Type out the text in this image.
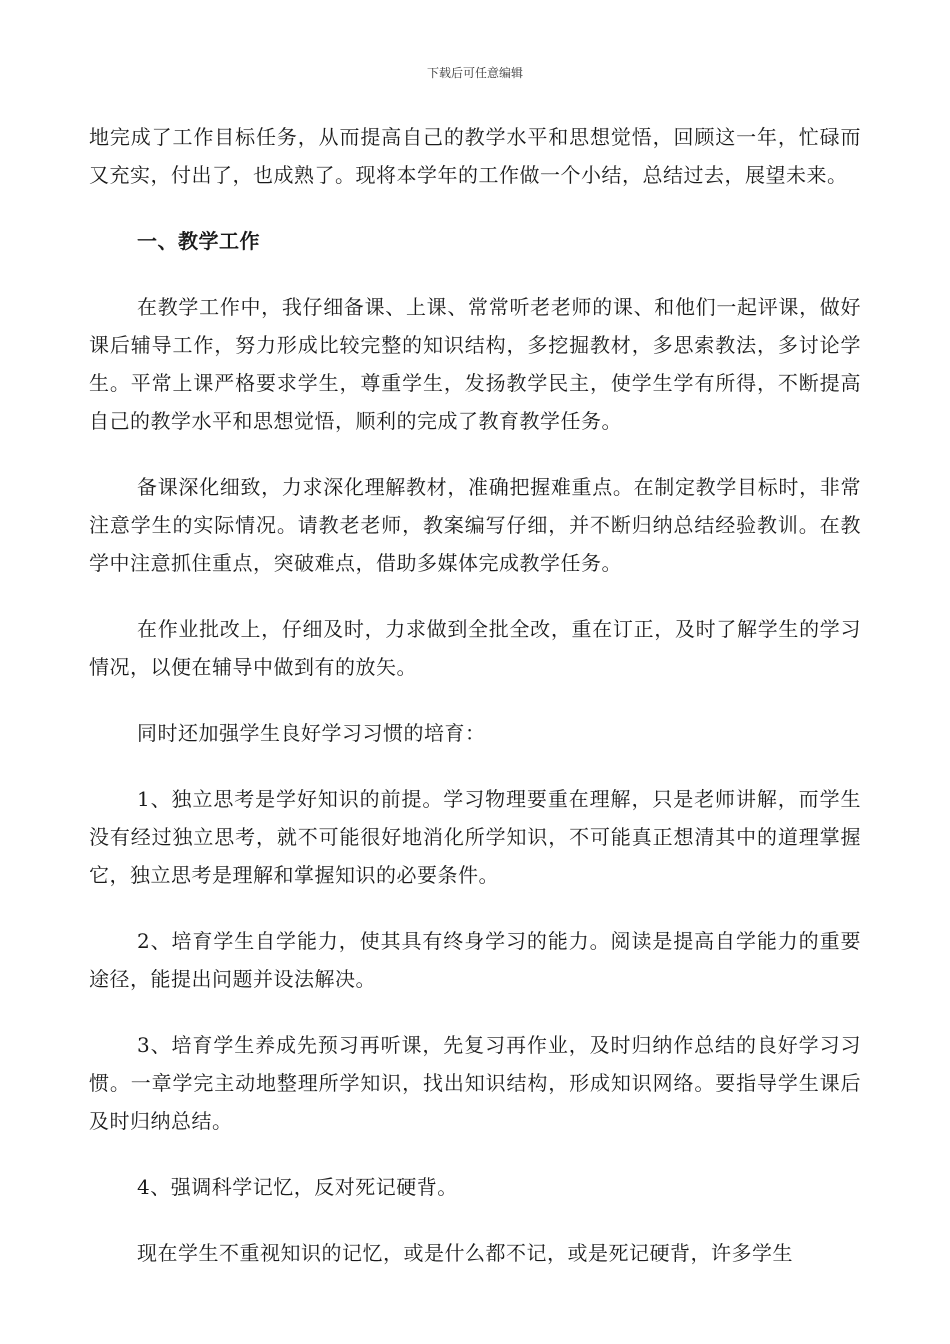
下载后可任意编辑

地完成了工作目标任务，从而提高自己的教学水平和思想觉悟，回顾这一年，忙碌而又充实，付出了，也成熟了。现将本学年的工作做一个小结，总结过去，展望未来。

一、教学工作

在教学工作中，我仔细备课、上课、常常听老老师的课、和他们一起评课，做好课后辅导工作，努力形成比较完整的知识结构，多挖掘教材，多思索教法，多讨论学生。平常上课严格要求学生，尊重学生，发扬教学民主，使学生学有所得，不断提高自己的教学水平和思想觉悟，顺利的完成了教育教学任务。

备课深化细致，力求深化理解教材，准确把握难重点。在制定教学目标时，非常注意学生的实际情况。请教老老师，教案编写仔细，并不断归纳总结经验教训。在教学中注意抓住重点，突破难点，借助多媒体完成教学任务。

在作业批改上，仔细及时，力求做到全批全改，重在订正，及时了解学生的学习情况，以便在辅导中做到有的放矢。

同时还加强学生良好学习习惯的培育：

1、独立思考是学好知识的前提。学习物理要重在理解，只是老师讲解，而学生没有经过独立思考，就不可能很好地消化所学知识，不可能真正想清其中的道理掌握它，独立思考是理解和掌握知识的必要条件。

2、培育学生自学能力，使其具有终身学习的能力。阅读是提高自学能力的重要途径，能提出问题并设法解决。

3、培育学生养成先预习再听课，先复习再作业，及时归纳作总结的良好学习习惯。一章学完主动地整理所学知识，找出知识结构，形成知识网络。要指导学生课后及时归纳总结。

4、强调科学记忆，反对死记硬背。

现在学生不重视知识的记忆，或是什么都不记，或是死记硬背，许多学生
